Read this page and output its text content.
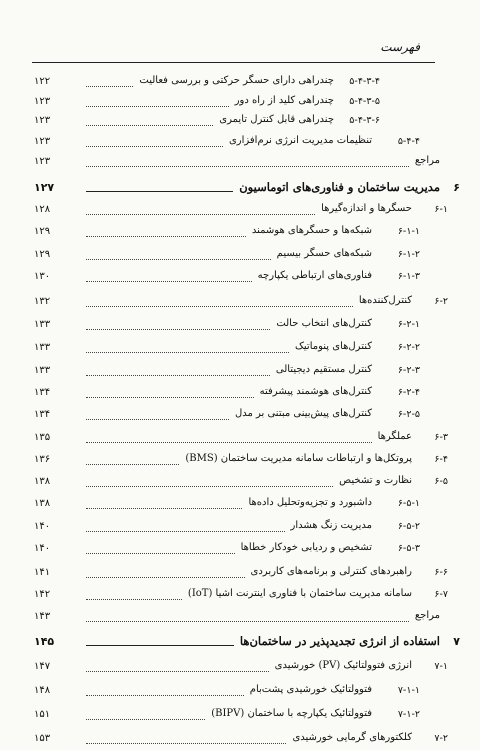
فهرست
۵-۴-۳-۴
چندراهی دارای حسگر حرکتی و بررسی فعالیت
۱۲۲
۵-۴-۳-۵
چندراهی کلید از راه دور
۱۲۳
۵-۴-۳-۶
چندراهی قابل کنترل تایمری
۱۲۳
۵-۴-۴
تنظیمات مدیریت انرژی نرم‌افزاری
۱۲۳
مراجع
۱۲۳
۶
مدیریت ساختمان و فناوری‌های اتوماسیون
۱۲۷
۶-۱
حسگرها و اندازه‌گیرها
۱۲۸
۶-۱-۱
شبکه‌ها و حسگرهای هوشمند
۱۲۹
۶-۱-۲
شبکه‌های حسگر بیسیم
۱۲۹
۶-۱-۳
فناوری‌های ارتباطی یکپارچه
۱۳۰
۶-۲
کنترل‌کننده‌ها
۱۳۲
۶-۲-۱
کنترل‌های انتخاب حالت
۱۳۳
۶-۲-۲
کنترل‌های پنوماتیک
۱۳۳
۶-۲-۳
کنترل مستقیم دیجیتالی
۱۳۳
۶-۲-۴
کنترل‌های هوشمند پیشرفته
۱۳۴
۶-۲-۵
کنترل‌های پیش‌بینی مبتنی بر مدل
۱۳۴
۶-۳
عملگرها
۱۳۵
۶-۴
پروتکل‌ها و ارتباطات سامانه مدیریت ساختمان (BMS)
۱۳۶
۶-۵
نظارت و تشخیص
۱۳۸
۶-۵-۱
داشبورد و تجزیه‌وتحلیل داده‌ها
۱۳۸
۶-۵-۲
مدیریت زنگ هشدار
۱۴۰
۶-۵-۳
تشخیص و ردیابی خودکار خطاها
۱۴۰
۶-۶
راهبردهای کنترلی و برنامه‌های کاربردی
۱۴۱
۶-۷
سامانه مدیریت ساختمان با فناوری اینترنت اشیا (IoT)
۱۴۲
مراجع
۱۴۳
۷
استفاده از انرژی تجدیدپذیر در ساختمان‌ها
۱۴۵
۷-۱
انرژی فتوولتائیک (PV) خورشیدی
۱۴۷
۷-۱-۱
فتوولتائیک خورشیدی پشت‌بام
۱۴۸
۷-۱-۲
فتوولتائیک یکپارچه با ساختمان (BIPV)
۱۵۱
۷-۲
کلکتورهای گرمایی خورشیدی
۱۵۳
